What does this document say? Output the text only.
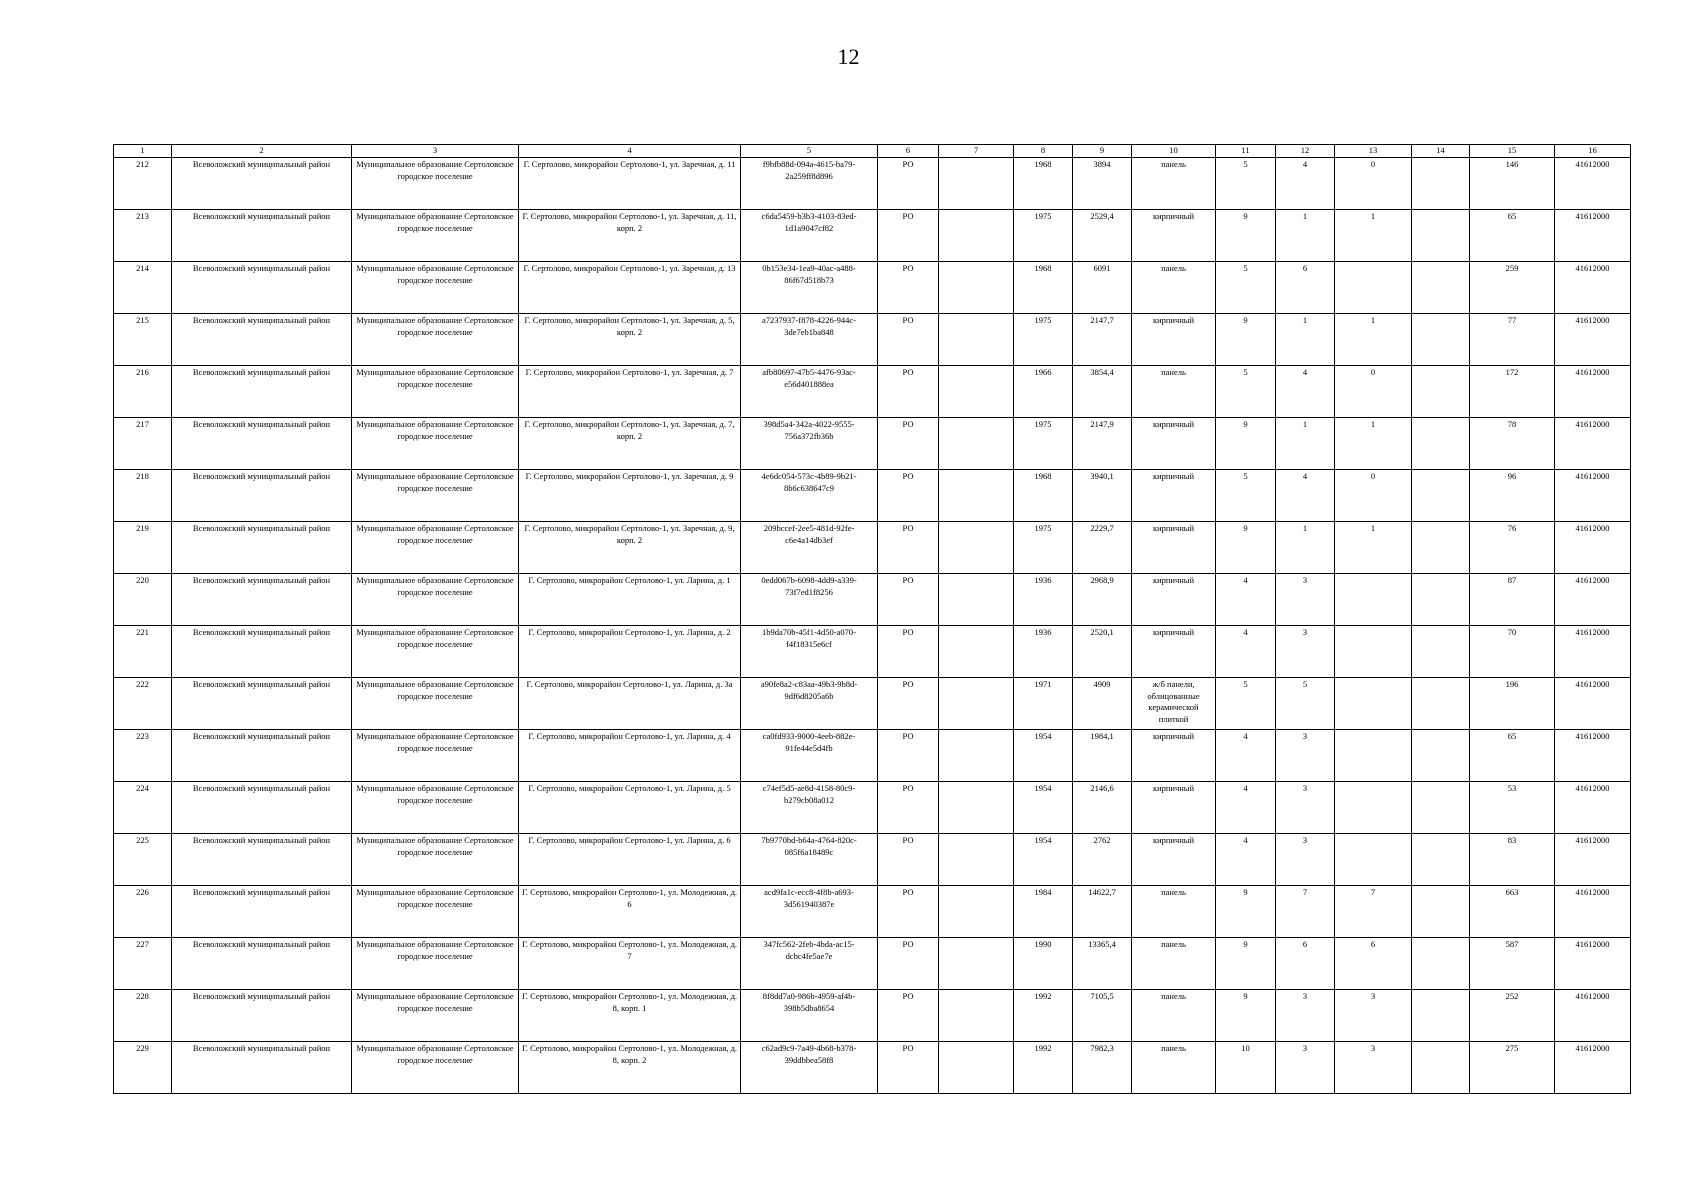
12
1	2	3	4	5	6	7	8	9	10	11	12	13	14	15	16
212	Всеволожский муниципальный район	Муниципальное образование Сертоловское городское поселение	Г. Сертолово, микрорайон Сертолово-1, ул. Заречная, д. 11	f9bfb88d-094a-4615-ba79-2a259ff8d896	РО		1968	3894	панель	5	4	0		146	41612000
213	Всеволожский муниципальный район	Муниципальное образование Сертоловское городское поселение	Г. Сертолово, микрорайон Сертолово-1, ул. Заречная, д. 11, корп. 2	c6da5459-b3b3-4103-83ed-1d1a9047cf82	РО		1975	2529,4	кирпичный	9	1	1		65	41612000
214	Всеволожский муниципальный район	Муниципальное образование Сертоловское городское поселение	Г. Сертолово, микрорайон Сертолово-1, ул. Заречная, д. 13	0b153e34-1ea9-40ac-a488-86f67d518b73	РО		1968	6091	панель	5	6			259	41612000
215	Всеволожский муниципальный район	Муниципальное образование Сертоловское городское поселение	Г. Сертолово, микрорайон Сертолово-1, ул. Заречная, д. 5, корп. 2	a7237937-f878-4226-944c-3de7eb1ba848	РО		1975	2147,7	кирпичный	9	1	1		77	41612000
216	Всеволожский муниципальный район	Муниципальное образование Сертоловское городское поселение	Г. Сертолово, микрорайон Сертолово-1, ул. Заречная, д. 7	afb80697-47b5-4476-93ac-e56d401888ea	РО		1966	3854,4	панель	5	4	0		172	41612000
217	Всеволожский муниципальный район	Муниципальное образование Сертоловское городское поселение	Г. Сертолово, микрорайон Сертолово-1, ул. Заречная, д. 7, корп. 2	398d5a4-342a-4022-9555-756a372fb36b	РО		1975	2147,9	кирпичный	9	1	1		78	41612000
218	Всеволожский муниципальный район	Муниципальное образование Сертоловское городское поселение	Г. Сертолово, микрорайон Сертолово-1, ул. Заречная, д. 9	4e6dc054-573c-4b89-9b21-8b6c638647c9	РО		1968	3940,1	кирпичный	5	4	0		96	41612000
219	Всеволожский муниципальный район	Муниципальное образование Сертоловское городское поселение	Г. Сертолово, микрорайон Сертолово-1, ул. Заречная, д. 9, корп. 2	209bccef-2ee5-481d-92fe-c6e4a14db3ef	РО		1975	2229,7	кирпичный	9	1	1		76	41612000
220	Всеволожский муниципальный район	Муниципальное образование Сертоловское городское поселение	Г. Сертолово, микрорайон Сертолово-1, ул. Ларина, д. 1	0edd067b-6098-4dd9-a339-73f7ed1f8256	РО		1936	2968,9	кирпичный	4	3			87	41612000
221	Всеволожский муниципальный район	Муниципальное образование Сертоловское городское поселение	Г. Сертолово, микрорайон Сертолово-1, ул. Ларина, д. 2	1b9da70b-45f1-4d50-a070-f4f18315e6cf	РО		1936	2520,1	кирпичный	4	3			70	41612000
222	Всеволожский муниципальный район	Муниципальное образование Сертоловское городское поселение	Г. Сертолово, микрорайон Сертолово-1, ул. Ларина, д. 3а	a90fe8a2-c83aa-49b3-9b8d-9df6d8205a6b	РО		1971	4909	ж/б панели, облицованные керамической плиткой	5	5			196	41612000
223	Всеволожский муниципальный район	Муниципальное образование Сертоловское городское поселение	Г. Сертолово, микрорайон Сертолово-1, ул. Ларина, д. 4	ca0fd933-9000-4eeb-882e-91fe44e5d4fb	РО		1954	1984,1	кирпичный	4	3			65	41612000
224	Всеволожский муниципальный район	Муниципальное образование Сертоловское городское поселение	Г. Сертолово, микрорайон Сертолово-1, ул. Ларина, д. 5	c74ef5d5-ae8d-4158-80c9-b279cb08a012	РО		1954	2146,6	кирпичный	4	3			53	41612000
225	Всеволожский муниципальный район	Муниципальное образование Сертоловское городское поселение	Г. Сертолово, микрорайон Сертолово-1, ул. Ларина, д. 6	7b9770bd-b64a-4764-820c-085f6a18489c	РО		1954	2762	кирпичный	4	3			83	41612000
226	Всеволожский муниципальный район	Муниципальное образование Сертоловское городское поселение	Г. Сертолово, микрорайон Сертолово-1, ул. Молодежная, д. 6	acd9fa1c-ecc8-4f8b-a693-3d561940387e	РО		1984	14622,7	панель	9	7	7		663	41612000
227	Всеволожский муниципальный район	Муниципальное образование Сертоловское городское поселение	Г. Сертолово, микрорайон Сертолово-1, ул. Молодежная, д. 7	347fc562-2feb-4bda-ac15-dcbc4fe5ae7e	РО		1990	13365,4	панель	9	6	6		587	41612000
228	Всеволожский муниципальный район	Муниципальное образование Сертоловское городское поселение	Г. Сертолово, микрорайон Сертолово-1, ул. Молодежная, д. 8, корп. 1	8f8dd7a0-986b-4959-af4b-398b5dba8654	РО		1992	7105,5	панель	9	3	3		252	41612000
229	Всеволожский муниципальный район	Муниципальное образование Сертоловское городское поселение	Г. Сертолово, микрорайон Сертолово-1, ул. Молодежная, д. 8, корп. 2	c62ad9c9-7a49-4b68-b378-39ddbbea58f8	РО		1992	7982,3	панель	10	3	3		275	41612000
